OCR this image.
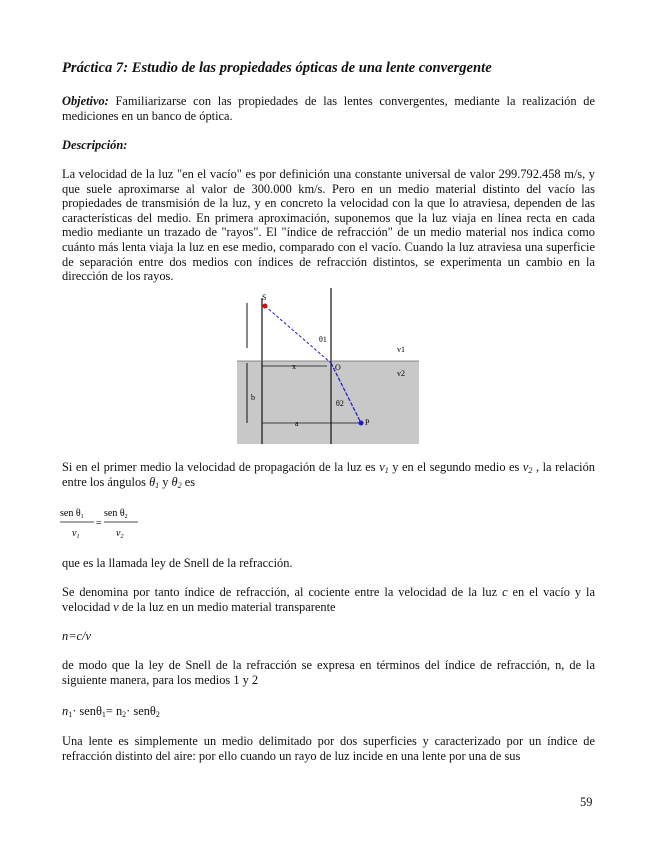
Práctica 7: Estudio de las propiedades ópticas de una lente convergente

Objetivo: Familiarizarse con las propiedades de las lentes convergentes, mediante la realización de mediciones en un banco de óptica.

Descripción:

La velocidad de la luz "en el vacío" es por definición una constante universal de valor 299.792.458 m/s, y que suele aproximarse al valor de 300.000 km/s. Pero en un medio material distinto del vacío las propiedades de transmisión de la luz, y en concreto la velocidad con la que lo atraviesa, dependen de las características del medio. En primera aproximación, suponemos que la luz viaja en línea recta en cada medio mediante un trazado de "rayos". El "índice de refracción" de un medio material nos indica como cuánto más lenta viaja la luz en ese medio, comparado con el vacío. Cuando la luz atraviesa una superficie de separación entre dos medios con índices de refracción distintos, se experimenta un cambio en la dirección de los rayos.

S
P
O
a
b
x
θ1
θ2
v1
v2

Si en el primer medio la velocidad de propagación de la luz es $v_1$ y en el segundo medio es $v_2$ , la relación entre los ángulos $\theta_1$ y $\theta_2$ es

sen $\theta_1$
$v_1$
=
sen $\theta_2$
$v_2$

que es la llamada ley de Snell de la refracción.

Se denomina por tanto índice de refracción, al cociente entre la velocidad de la luz c en el vacío y la velocidad v de la luz en un medio material transparente

n=c/v

de modo que la ley de Snell de la refracción se expresa en términos del índice de refracción, n, de la siguiente manera, para los medios 1 y 2

$n_1\cdot sen\theta_1= n_2\cdot sen\theta_2$

Una lente es simplemente un medio delimitado por dos superficies y caracterizado por un índice de refracción distinto del aire: por ello cuando un rayo de luz incide en una lente por una de sus

59
